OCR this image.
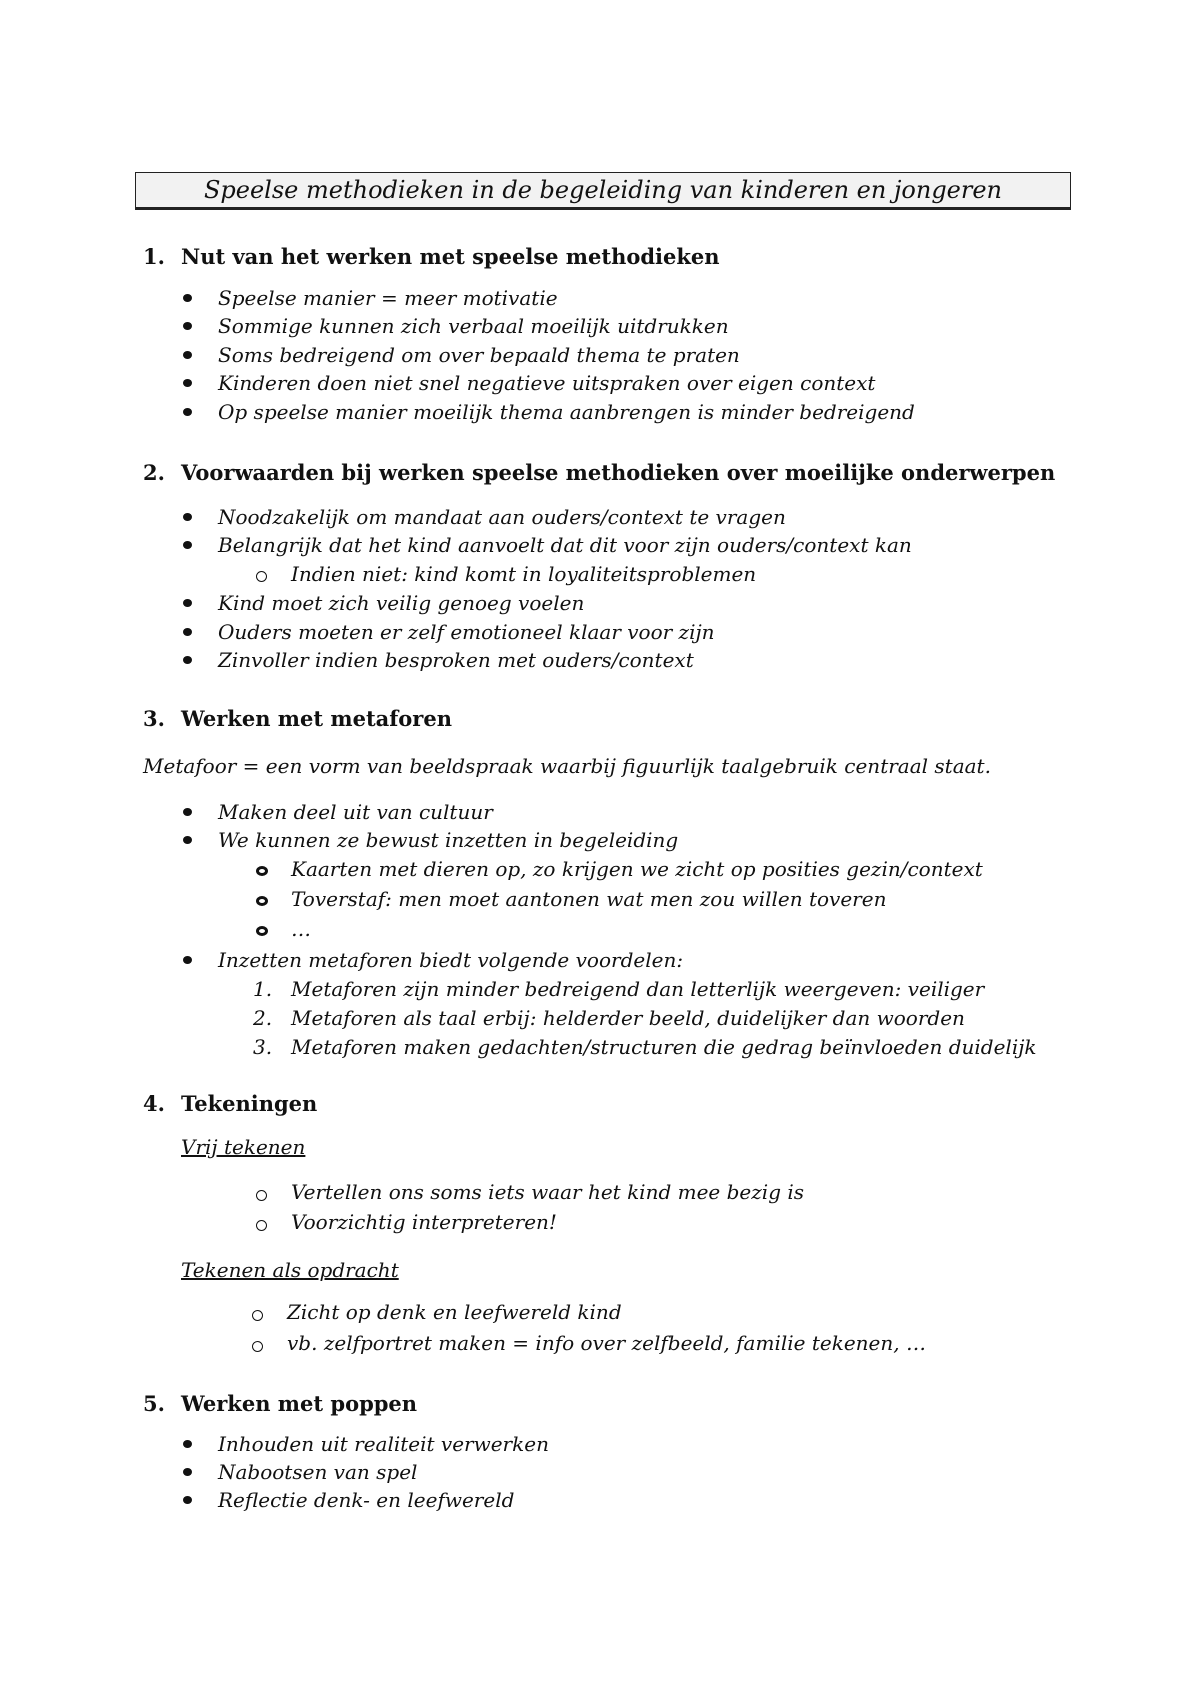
Speelse methodieken in de begeleiding van kinderen en jongeren
1. Nut van het werken met speelse methodieken
Speelse manier = meer motivatie
Sommige kunnen zich verbaal moeilijk uitdrukken
Soms bedreigend om over bepaald thema te praten
Kinderen doen niet snel negatieve uitspraken over eigen context
Op speelse manier moeilijk thema aanbrengen is minder bedreigend
2. Voorwaarden bij werken speelse methodieken over moeilijke onderwerpen
Noodzakelijk om mandaat aan ouders/context te vragen
Belangrijk dat het kind aanvoelt dat dit voor zijn ouders/context kan
Indien niet: kind komt in loyaliteitsproblemen
Kind moet zich veilig genoeg voelen
Ouders moeten er zelf emotioneel klaar voor zijn
Zinvoller indien besproken met ouders/context
3. Werken met metaforen
Metafoor = een vorm van beeldspraak waarbij figuurlijk taalgebruik centraal staat.
Maken deel uit van cultuur
We kunnen ze bewust inzetten in begeleiding
Kaarten met dieren op, zo krijgen we zicht op posities gezin/context
Toverstaf: men moet aantonen wat men zou willen toveren
…
Inzetten metaforen biedt volgende voordelen:
1. Metaforen zijn minder bedreigend dan letterlijk weergeven: veiliger
2. Metaforen als taal erbij: helderder beeld, duidelijker dan woorden
3. Metaforen maken gedachten/structuren die gedrag beïnvloeden duidelijk
4. Tekeningen
Vrij tekenen
Vertellen ons soms iets waar het kind mee bezig is
Voorzichtig interpreteren!
Tekenen als opdracht
Zicht op denk en leefwereld kind
vb. zelfportret maken = info over zelfbeeld, familie tekenen, …
5. Werken met poppen
Inhouden uit realiteit verwerken
Nabootsen van spel
Reflectie denk- en leefwereld
